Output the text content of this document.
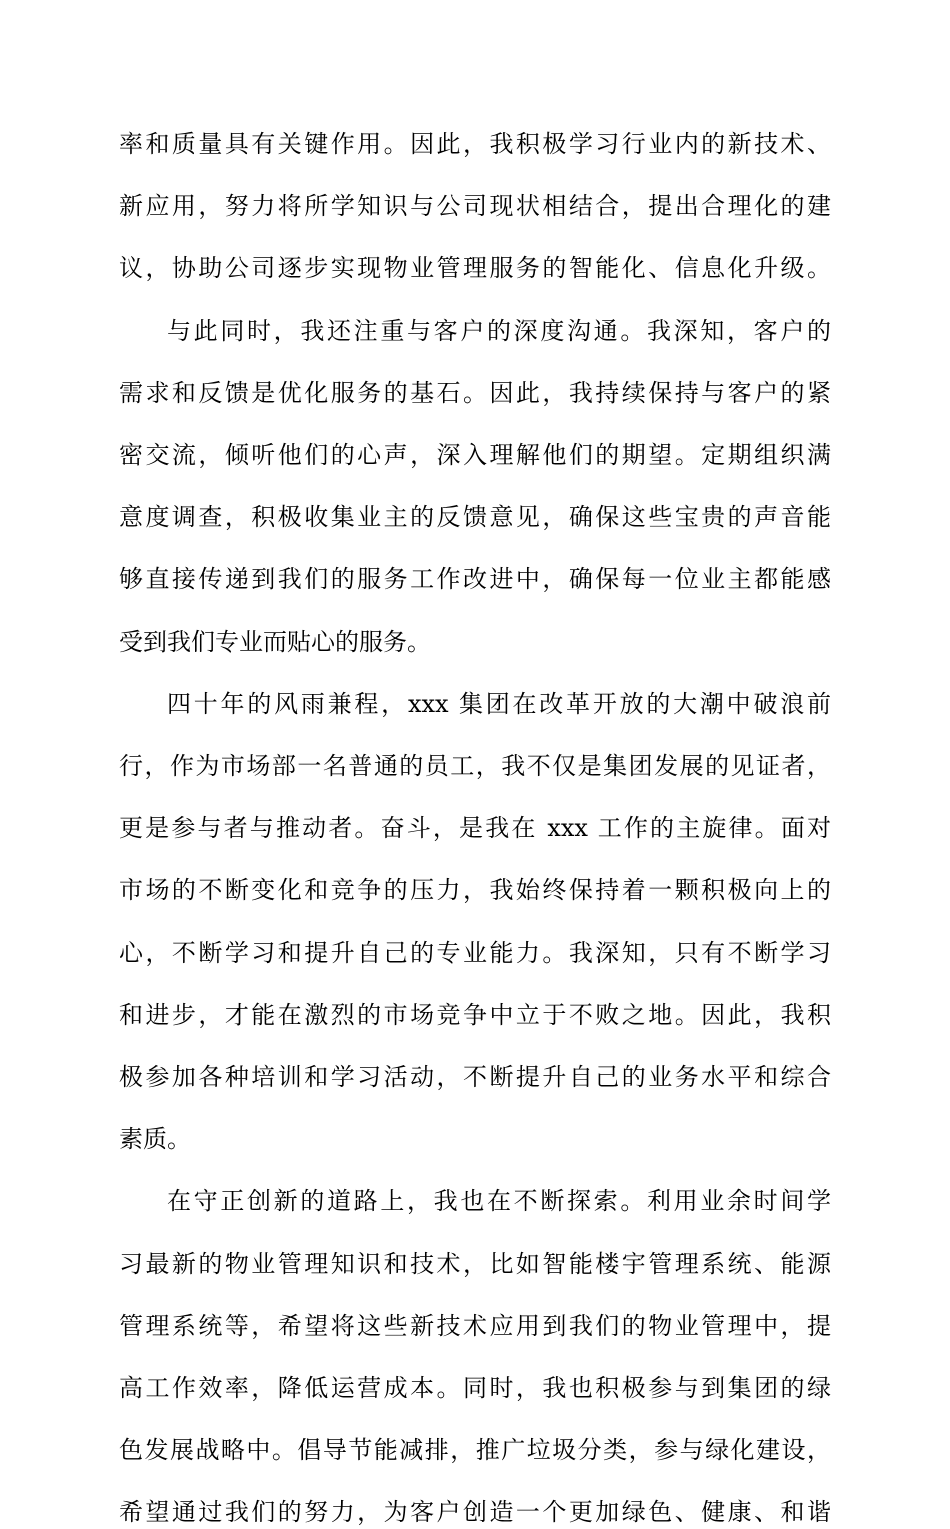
率和质量具有关键作用。因此，我积极学习行业内的新技术、
新应用，努力将所学知识与公司现状相结合，提出合理化的建
议，协助公司逐步实现物业管理服务的智能化、信息化升级。
与此同时，我还注重与客户的深度沟通。我深知，客户的
需求和反馈是优化服务的基石。因此，我持续保持与客户的紧
密交流，倾听他们的心声，深入理解他们的期望。定期组织满
意度调查，积极收集业主的反馈意见，确保这些宝贵的声音能
够直接传递到我们的服务工作改进中，确保每一位业主都能感
受到我们专业而贴心的服务。
四十年的风雨兼程，xxx 集团在改革开放的大潮中破浪前
行，作为市场部一名普通的员工，我不仅是集团发展的见证者，
更是参与者与推动者。奋斗，是我在 xxx 工作的主旋律。面对
市场的不断变化和竞争的压力，我始终保持着一颗积极向上的
心，不断学习和提升自己的专业能力。我深知，只有不断学习
和进步，才能在激烈的市场竞争中立于不败之地。因此，我积
极参加各种培训和学习活动，不断提升自己的业务水平和综合
素质。
在守正创新的道路上，我也在不断探索。利用业余时间学
习最新的物业管理知识和技术，比如智能楼宇管理系统、能源
管理系统等，希望将这些新技术应用到我们的物业管理中，提
高工作效率，降低运营成本。同时，我也积极参与到集团的绿
色发展战略中。倡导节能减排，推广垃圾分类，参与绿化建设，
希望通过我们的努力，为客户创造一个更加绿色、健康、和谐
